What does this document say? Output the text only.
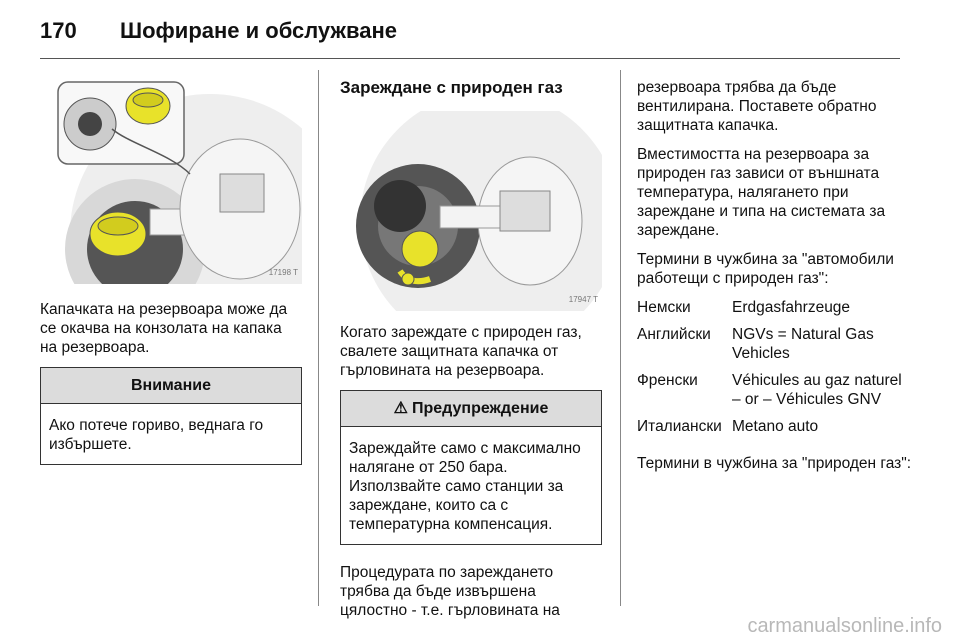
170	Шофиране и обслужване
17198 T

Капачката на резервоара може да се окачва на конзолата на капака на резервоара.

Внимание
Ако потече гориво, веднага го избършете.
Зареждане с природен газ
17947 T

Когато зареждате с природен газ, свалете защитната капачка от гърловината на резервоара.

⚠ Предупреждение
Зареждайте само с максимално налягане от 250 бара. Използвайте само станции за зареждане, които са с температурна компенсация.

Процедурата по зареждането трябва да бъде извършена цялостно - т.е. гърловината на

резервоара трябва да бъде вентилирана. Поставете обратно защитната капачка.

Вместимостта на резервоара за природен газ зависи от външната температура, налягането при зареждане и типа на системата за зареждане.

Термини в чужбина за "автомобили работещи с природен газ":

Немски	Erdgasfahrzeuge
Английски	NGVs = Natural Gas Vehicles
Френски	Véhicules au gaz naturel – or – Véhicules GNV
Италиански	Metano auto

Термини в чужбина за "природен газ":

carmanualsonline.info
